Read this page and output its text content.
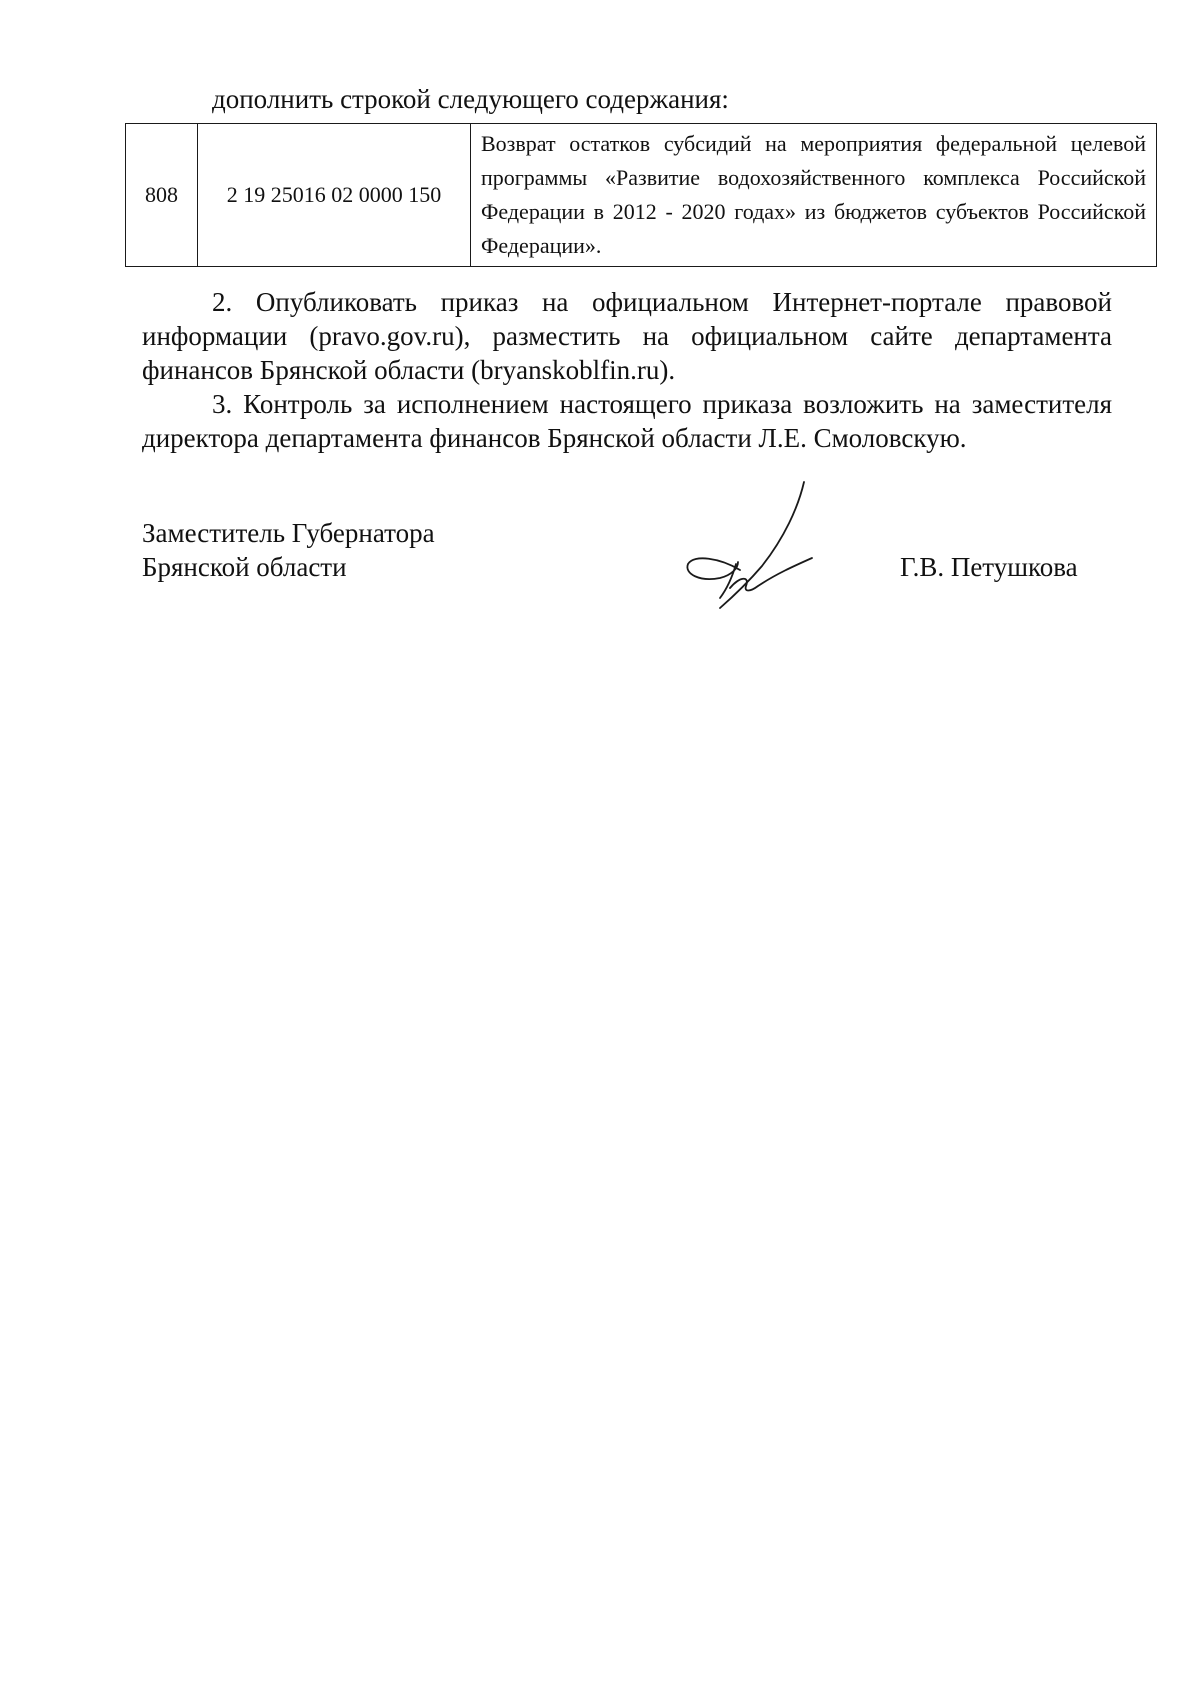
дополнить строкой следующего содержания:
808	2 19 25016 02 0000 150	Возврат остатков субсидий на мероприятия федеральной целевой программы «Развитие водохозяйственного комплекса Российской Федерации в 2012 - 2020 годах» из бюджетов субъектов Российской Федерации».

2. Опубликовать приказ на официальном Интернет-портале правовой информации (pravo.gov.ru), разместить на официальном сайте департамента финансов Брянской области (bryanskoblfin.ru).

3. Контроль за исполнением настоящего приказа возложить на заместителя директора департамента финансов Брянской области Л.Е. Смоловскую.

Заместитель Губернатора
Брянской области	Г.В. Петушкова
